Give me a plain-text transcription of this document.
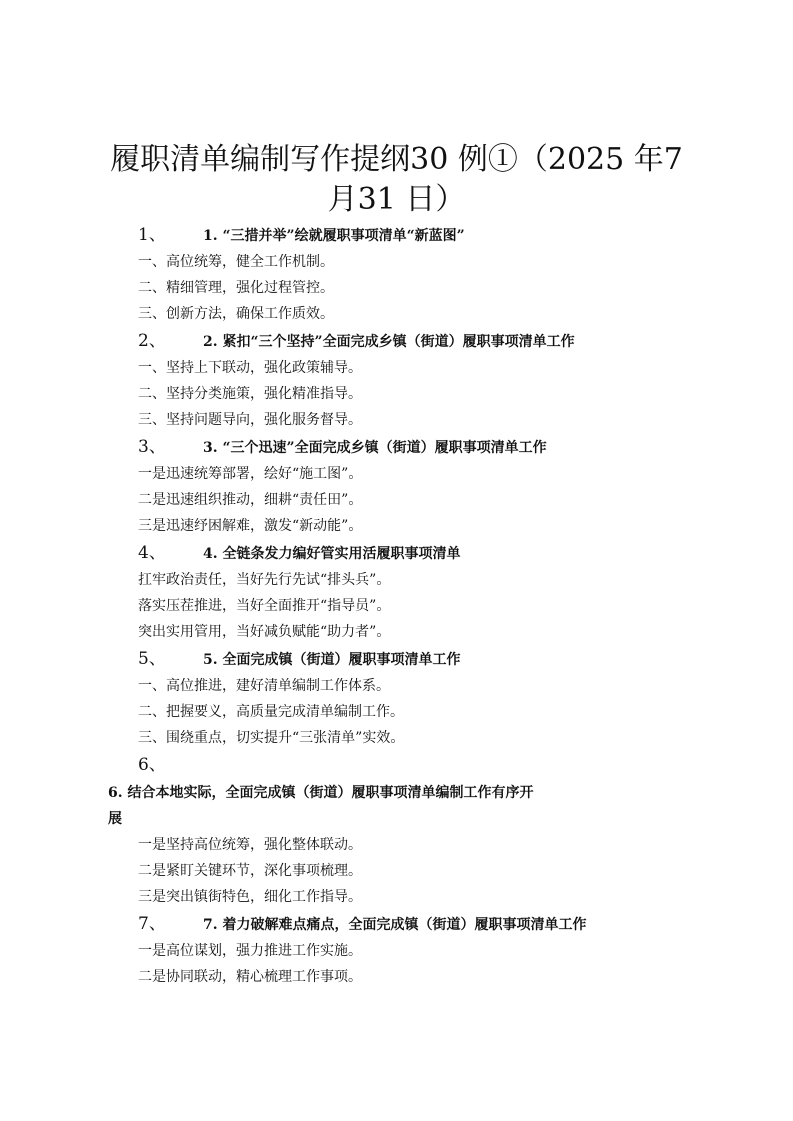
履职清单编制写作提纲30 例①（2025 年7
月31 日）
1、	1. “三措并举”绘就履职事项清单“新蓝图”
一、高位统筹，健全工作机制。
二、精细管理，强化过程管控。
三、创新方法，确保工作质效。
2、	2. 紧扣“三个坚持”全面完成乡镇（街道）履职事项清单工作
一、坚持上下联动，强化政策辅导。
二、坚持分类施策，强化精准指导。
三、坚持问题导向，强化服务督导。
3、	3. “三个迅速”全面完成乡镇（街道）履职事项清单工作
一是迅速统筹部署，绘好“施工图”。
二是迅速组织推动，细耕“责任田”。
三是迅速纾困解难，激发“新动能”。
4、	4. 全链条发力编好管实用活履职事项清单
扛牢政治责任，当好先行先试“排头兵”。
落实压茬推进，当好全面推开“指导员”。
突出实用管用，当好减负赋能“助力者”。
5、	5. 全面完成镇（街道）履职事项清单工作
一、高位推进，建好清单编制工作体系。
二、把握要义，高质量完成清单编制工作。
三、围绕重点，切实提升“三张清单”实效。
6、
6. 结合本地实际，全面完成镇（街道）履职事项清单编制工作有序开
展
一是坚持高位统筹，强化整体联动。
二是紧盯关键环节，深化事项梳理。
三是突出镇街特色，细化工作指导。
7、	7. 着力破解难点痛点，全面完成镇（街道）履职事项清单工作
一是高位谋划，强力推进工作实施。
二是协同联动，精心梳理工作事项。
